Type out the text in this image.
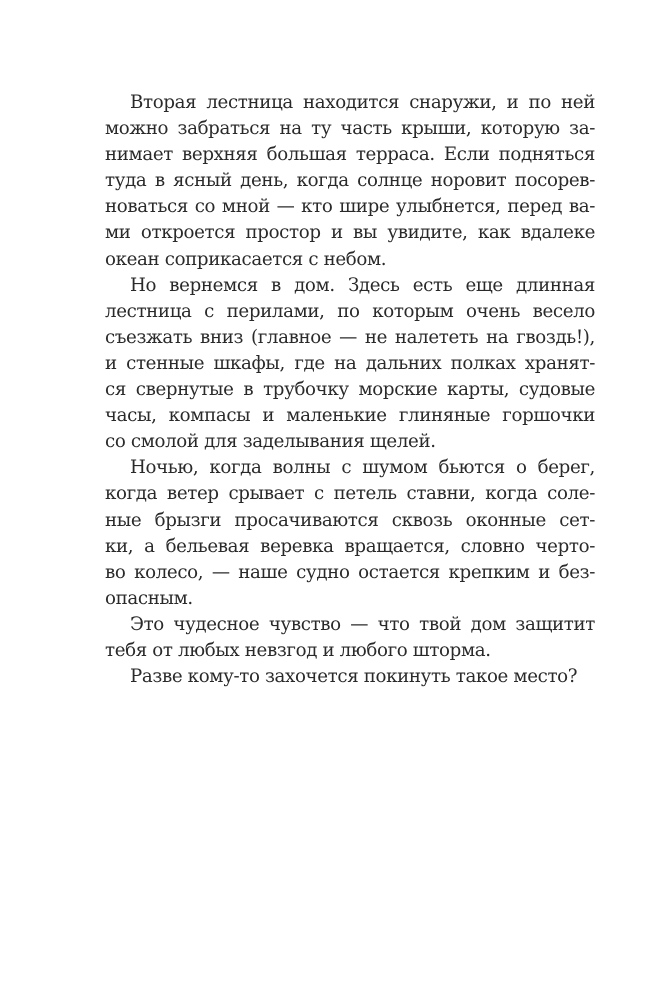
Вторая лестница находится снаружи, и по ней
можно забраться на ту часть крыши, которую за-
нимает верхняя большая терраса. Если подняться
туда в ясный день, когда солнце норовит посорев-
новаться со мной — кто шире улыбнется, перед ва-
ми откроется простор и вы увидите, как вдалеке
океан соприкасается с небом.
Но вернемся в дом. Здесь есть еще длинная
лестница с перилами, по которым очень весело
съезжать вниз (главное — не налететь на гвоздь!),
и стенные шкафы, где на дальних полках хранят-
ся свернутые в трубочку морские карты, судовые
часы, компасы и маленькие глиняные горшочки
со смолой для заделывания щелей.
Ночью, когда волны с шумом бьются о берег,
когда ветер срывает с петель ставни, когда соле-
ные брызги просачиваются сквозь оконные сет-
ки, а бельевая веревка вращается, словно черто-
во колесо, — наше судно остается крепким и без-
опасным.
Это чудесное чувство — что твой дом защитит
тебя от любых невзгод и любого шторма.
Разве кому-то захочется покинуть такое место?
